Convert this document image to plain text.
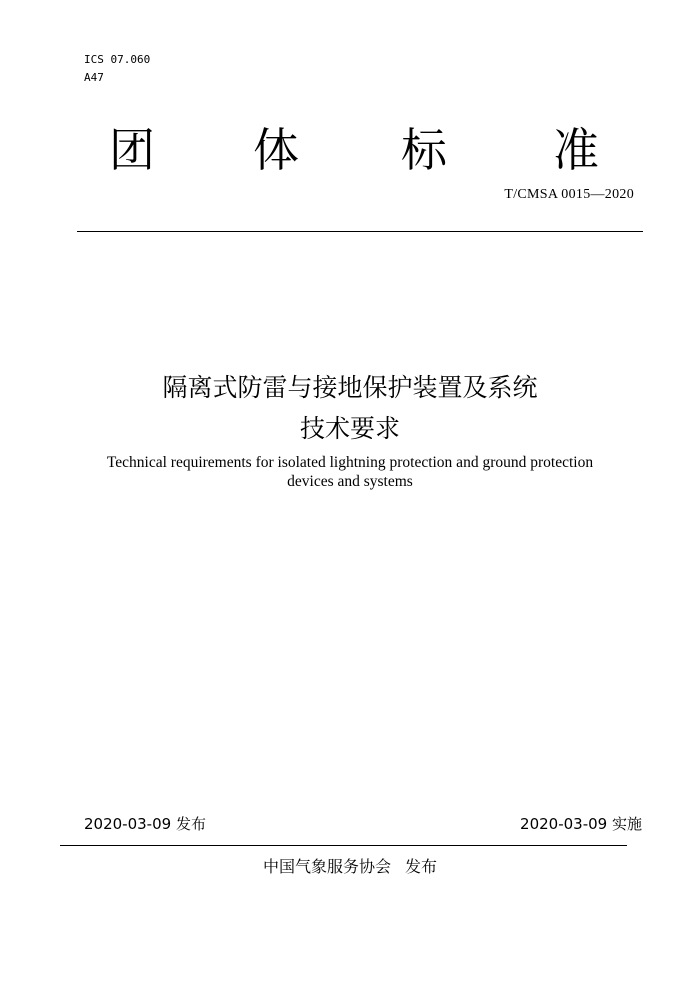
ICS 07.060
A47
团 体 标 准
T/CMSA 0015—2020
隔离式防雷与接地保护装置及系统
技术要求
Technical requirements for isolated lightning protection and ground protection
devices and systems
2020-03-09 发布	2020-03-09 实施
中国气象服务协会 发布
